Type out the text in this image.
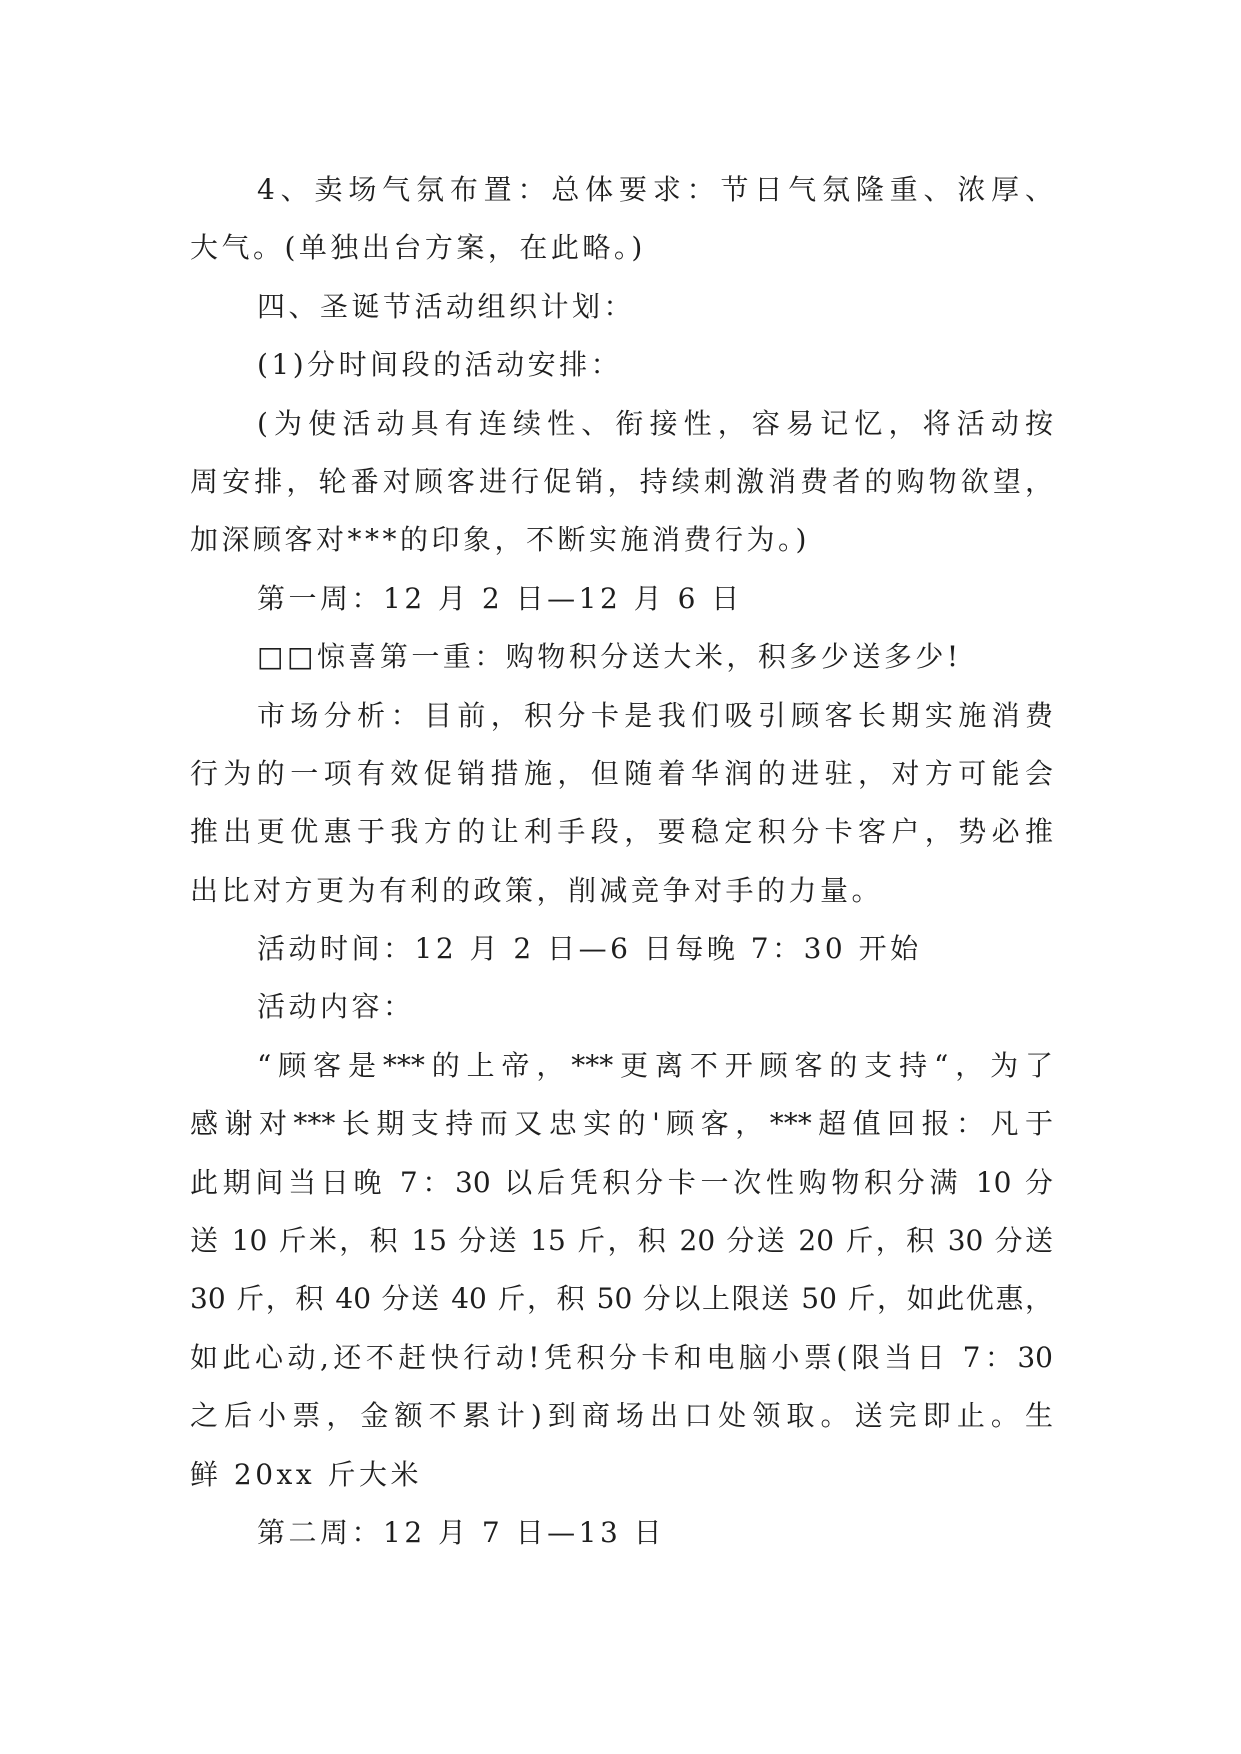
4、卖场气氛布置：总体要求：节日气氛隆重、浓厚、
大气。(单独出台方案，在此略。)
四、圣诞节活动组织计划：
(1)分时间段的活动安排：
(为使活动具有连续性、衔接性，容易记忆，将活动按
周安排，轮番对顾客进行促销，持续刺激消费者的购物欲望，
加深顾客对***的印象，不断实施消费行为。)
第一周：12 月 2 日—12 月 6 日
□□惊喜第一重：购物积分送大米，积多少送多少!
市场分析：目前，积分卡是我们吸引顾客长期实施消费
行为的一项有效促销措施，但随着华润的进驻，对方可能会
推出更优惠于我方的让利手段，要稳定积分卡客户，势必推
出比对方更为有利的政策，削减竞争对手的力量。
活动时间：12 月 2 日—6 日每晚 7：30 开始
活动内容：
“顾客是***的上帝，***更离不开顾客的支持“，为了
感谢对***长期支持而又忠实的'顾客，***超值回报：凡于
此期间当日晚 7：30 以后凭积分卡一次性购物积分满 10 分
送 10 斤米，积 15 分送 15 斤，积 20 分送 20 斤，积 30 分送
30 斤，积 40 分送 40 斤，积 50 分以上限送 50 斤，如此优惠，
如此心动,还不赶快行动!凭积分卡和电脑小票(限当日 7：30
之后小票，金额不累计)到商场出口处领取。送完即止。生
鲜 20xx 斤大米
第二周：12 月 7 日—13 日
